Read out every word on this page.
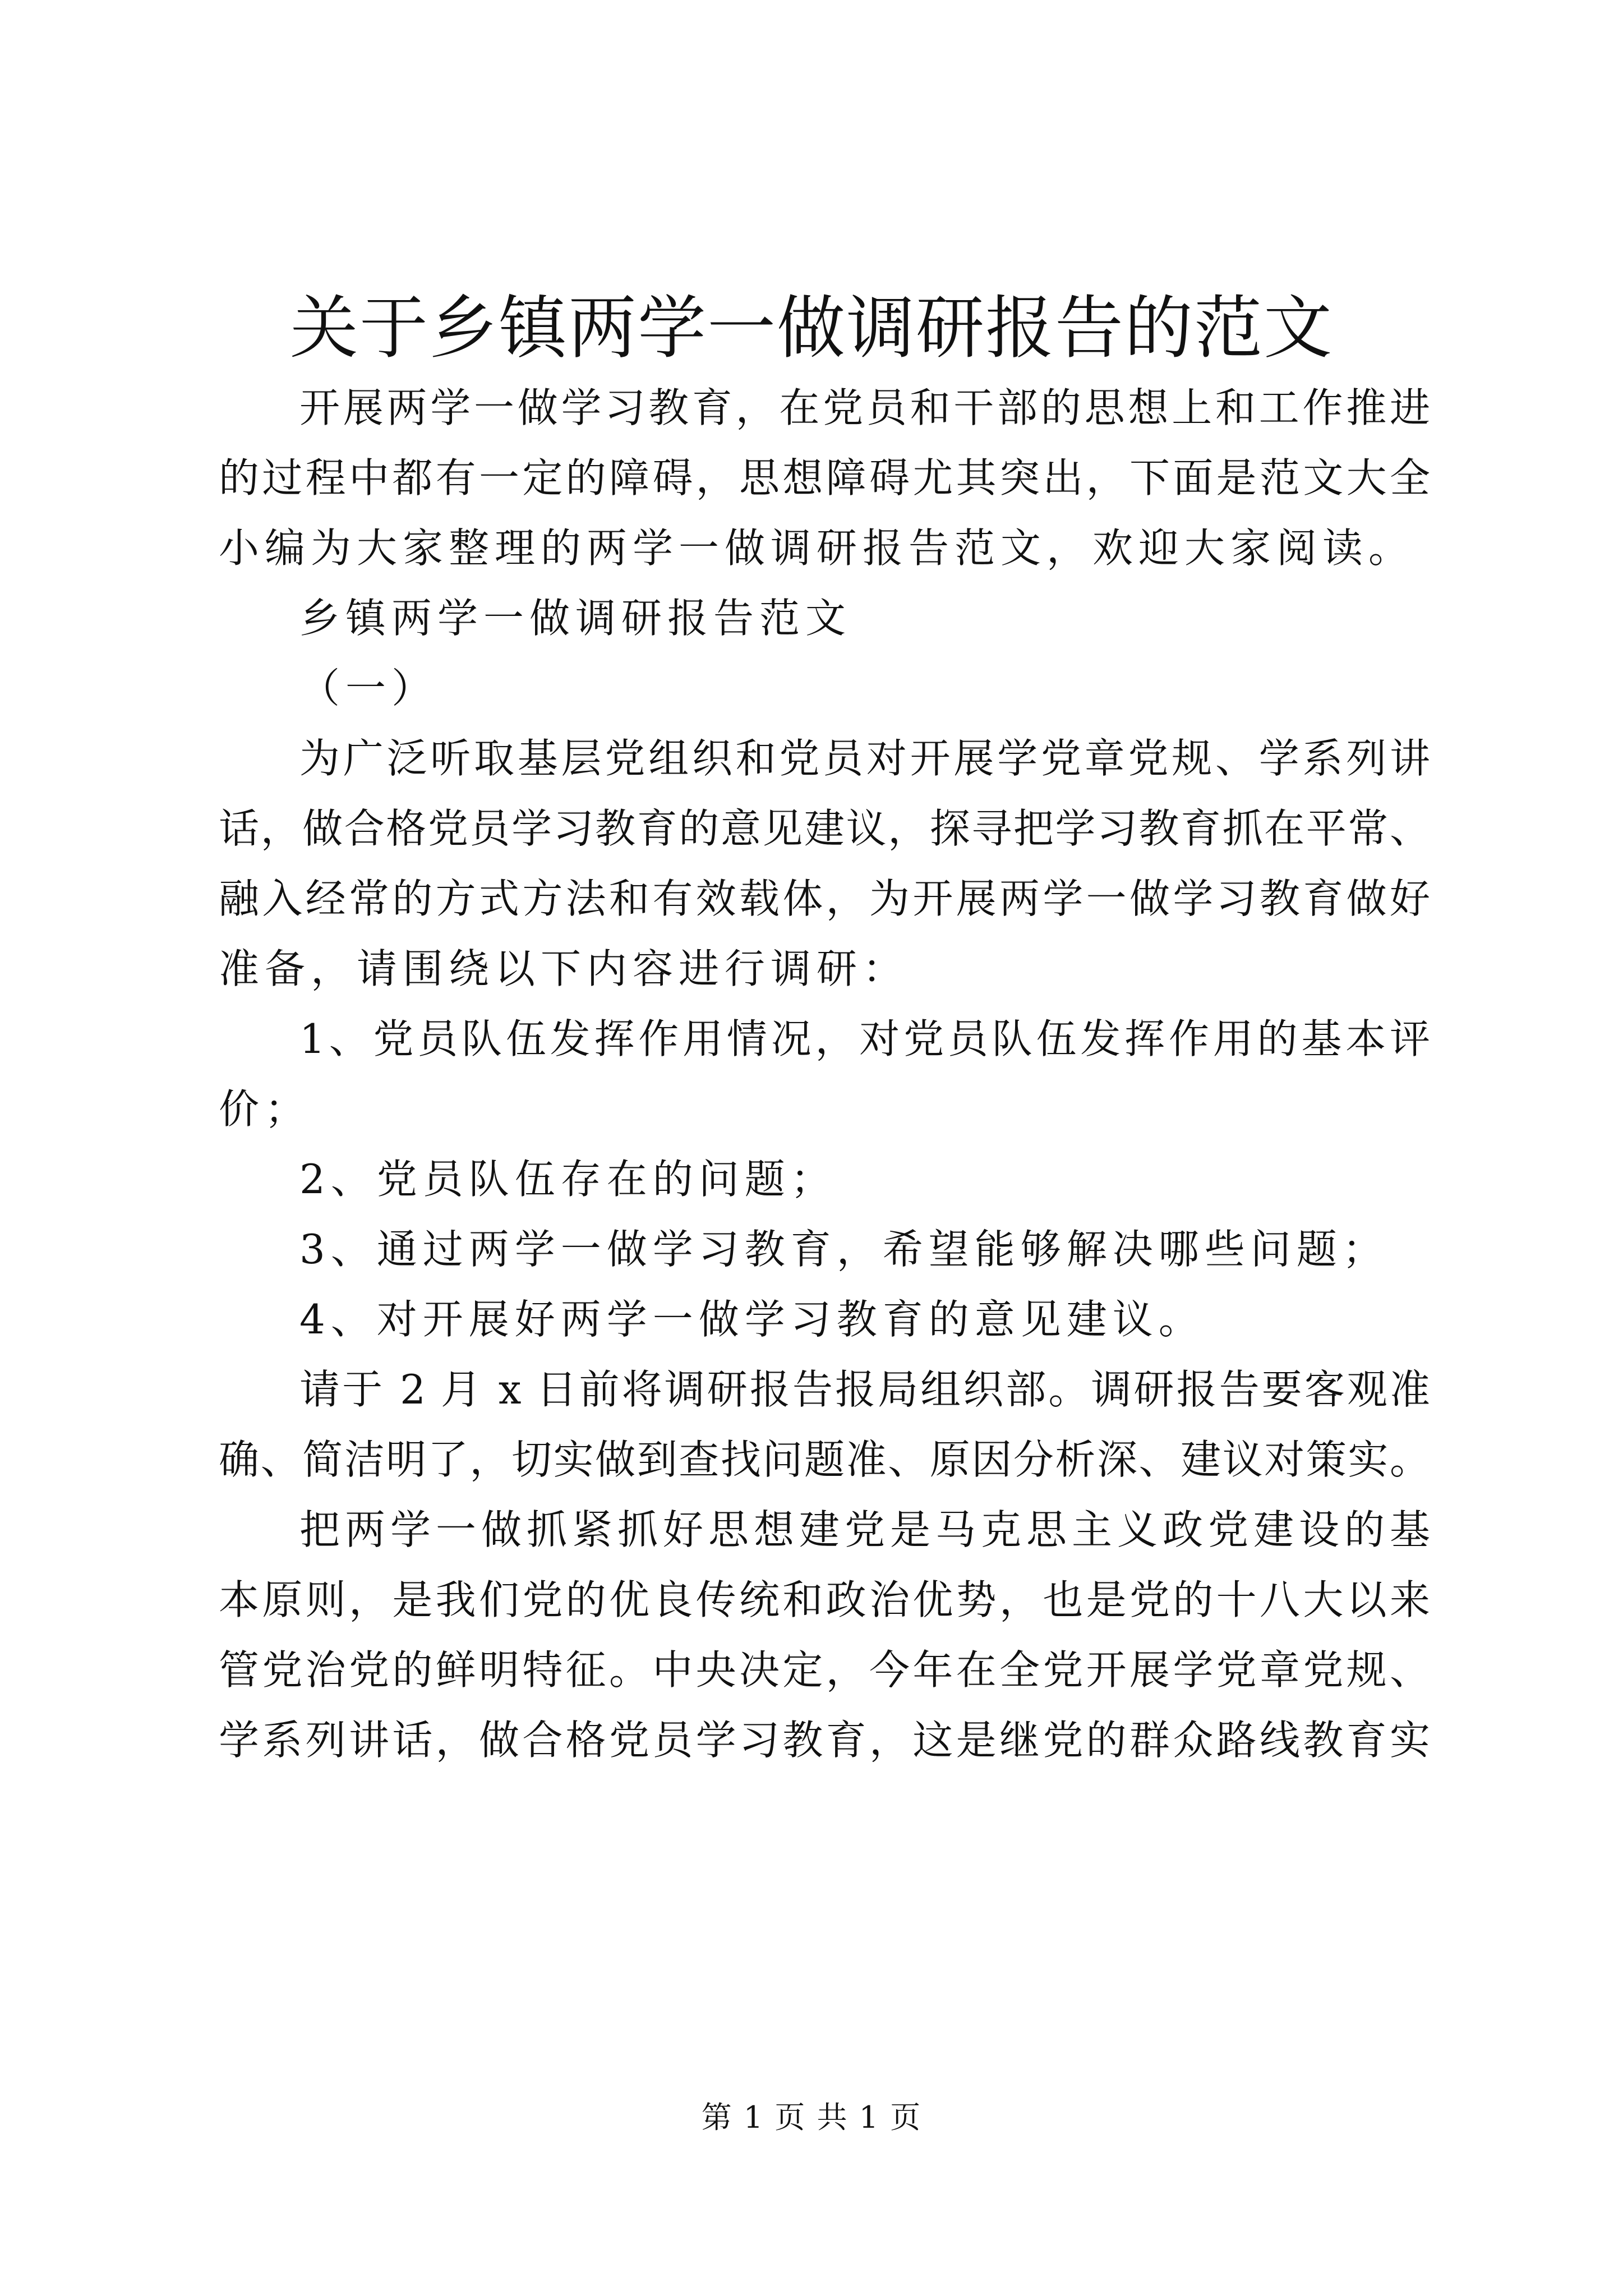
关于乡镇两学一做调研报告的范文
开展两学一做学习教育，在党员和干部的思想上和工作推进
的过程中都有一定的障碍，思想障碍尤其突出，下面是范文大全
小编为大家整理的两学一做调研报告范文，欢迎大家阅读。
乡镇两学一做调研报告范文
（一）
为广泛听取基层党组织和党员对开展学党章党规、学系列讲
话，做合格党员学习教育的意见建议，探寻把学习教育抓在平常、
融入经常的方式方法和有效载体，为开展两学一做学习教育做好
准备，请围绕以下内容进行调研：
1、党员队伍发挥作用情况，对党员队伍发挥作用的基本评
价；
2、党员队伍存在的问题；
3、通过两学一做学习教育，希望能够解决哪些问题；
4、对开展好两学一做学习教育的意见建议。
请于 2 月 x 日前将调研报告报局组织部。调研报告要客观准
确、简洁明了，切实做到查找问题准、原因分析深、建议对策实。
把两学一做抓紧抓好思想建党是马克思主义政党建设的基
本原则，是我们党的优良传统和政治优势，也是党的十八大以来
管党治党的鲜明特征。中央决定，今年在全党开展学党章党规、
学系列讲话，做合格党员学习教育，这是继党的群众路线教育实
第 1 页 共 1 页
